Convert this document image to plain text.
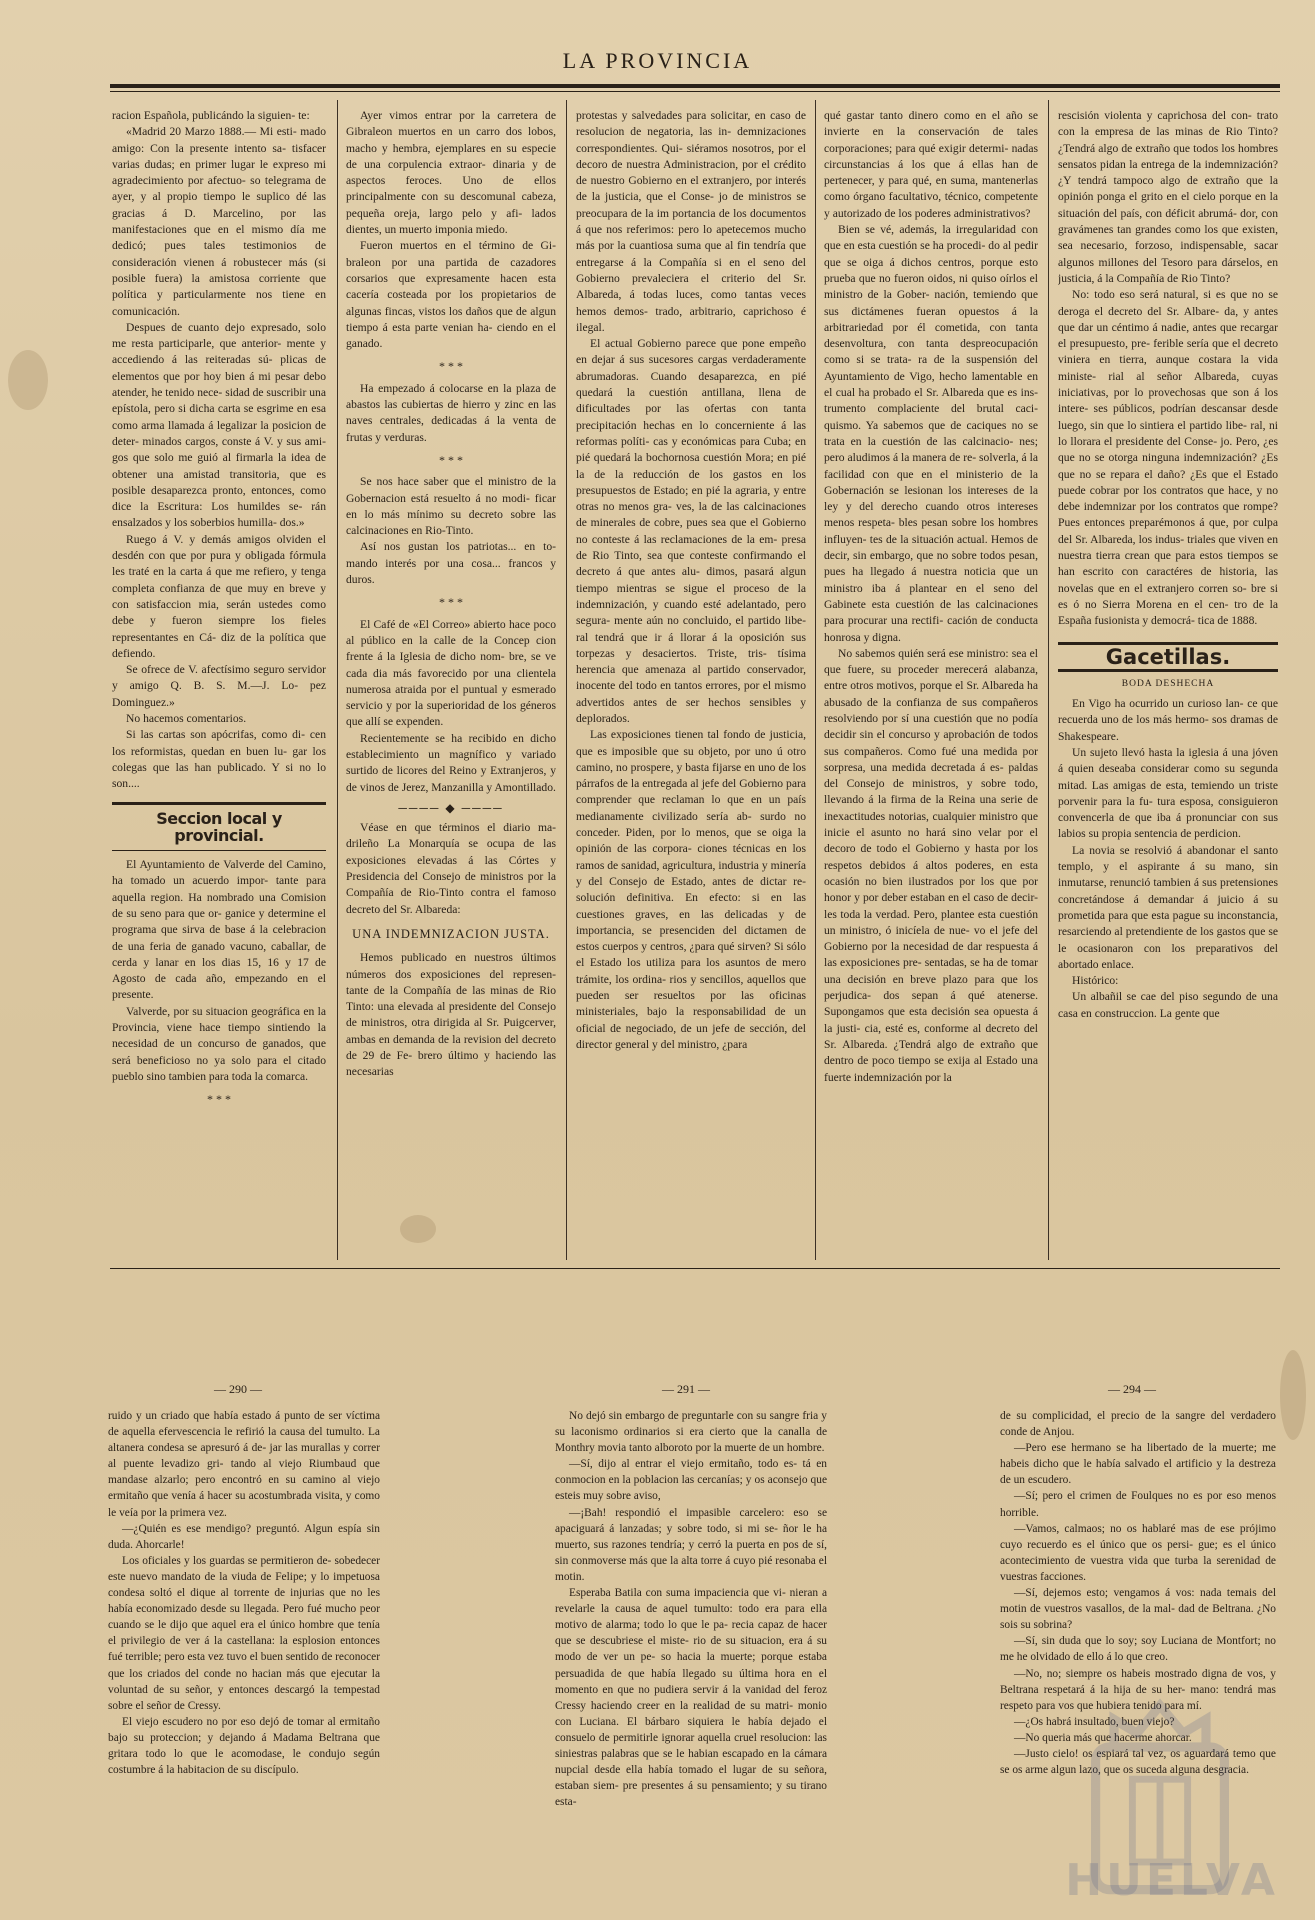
LA PROVINCIA

racion Española, publicándo la siguien- te:

«Madrid 20 Marzo 1888.— Mi esti- mado amigo: Con la presente intento sa- tisfacer varias dudas; en primer lugar le expreso mi agradecimiento por afectuo- so telegrama de ayer, y al propio tiempo le suplico dé las gracias á D. Marcelino, por las manifestaciones que en el mismo día me dedicó; pues tales testimonios de consideración vienen á robustecer más (si posible fuera) la amistosa corriente que política y particularmente nos tiene en comunicación.

Despues de cuanto dejo expresado, solo me resta participarle, que anterior- mente y accediendo á las reiteradas sú- plicas de elementos que por hoy bien á mi pesar debo atender, he tenido nece- sidad de suscribir una epístola, pero si dicha carta se esgrime en esa como arma llamada á legalizar la posicion de deter- minados cargos, conste á V. y sus ami- gos que solo me guió al firmarla la idea de obtener una amistad transitoria, que es posible desaparezca pronto, entonces, como dice la Escritura: Los humildes se- rán ensalzados y los soberbios humilla- dos.»

Ruego á V. y demás amigos olviden el desdén con que por pura y obligada fórmula les traté en la carta á que me refiero, y tenga completa confianza de que muy en breve y con satisfaccion mia, serán ustedes como debe y fueron siempre los fieles representantes en Cá- diz de la política que defiendo.

Se ofrece de V. afectísimo seguro servidor y amigo Q. B. S. M.—J. Lo- pez Dominguez.»

No hacemos comentarios.

Si las cartas son apócrifas, como di- cen los reformistas, quedan en buen lu- gar los colegas que las han publicado. Y si no lo son....

Seccion local y provincial.

El Ayuntamiento de Valverde del Camino, ha tomado un acuerdo impor- tante para aquella region. Ha nombrado una Comision de su seno para que or- ganice y determine el programa que sirva de base á la celebracion de una feria de ganado vacuno, caballar, de cerda y lanar en los dias 15, 16 y 17 de Agosto de cada año, empezando en el presente.

Valverde, por su situacion geográfica en la Provincia, viene hace tiempo sintiendo la necesidad de un concurso de ganados, que será beneficioso no ya solo para el citado pueblo sino tambien para toda la comarca.

* * *

Ayer vimos entrar por la carretera de Gibraleon muertos en un carro dos lobos, macho y hembra, ejemplares en su especie de una corpulencia extraor- dinaria y de aspectos feroces. Uno de ellos principalmente con su descomunal cabeza, pequeña oreja, largo pelo y afi- lados dientes, un muerto imponia miedo.

Fueron muertos en el término de Gi- braleon por una partida de cazadores corsarios que expresamente hacen esta cacería costeada por los propietarios de algunas fincas, vistos los daños que de algun tiempo á esta parte venian ha- ciendo en el ganado.

* * *

Ha empezado á colocarse en la plaza de abastos las cubiertas de hierro y zinc en las naves centrales, dedicadas á la venta de frutas y verduras.

* * *

Se nos hace saber que el ministro de la Gobernacion está resuelto á no modi- ficar en lo más mínimo su decreto sobre las calcinaciones en Rio-Tinto.

Así nos gustan los patriotas... en to- mando interés por una cosa... francos y duros.

* * *

El Café de «El Correo» abierto hace poco al público en la calle de la Concep cion frente á la Iglesia de dicho nom- bre, se ve cada dia más favorecido por una clientela numerosa atraida por el puntual y esmerado servicio y por la superioridad de los géneros que allí se expenden.

Recientemente se ha recibido en dicho establecimiento un magnífico y variado surtido de licores del Reino y Extranjeros, y de vinos de Jerez, Manzanilla y Amontillado.

──── ◆ ────

Véase en que términos el diario ma- drileño La Monarquía se ocupa de las exposiciones elevadas á las Córtes y Presidencia del Consejo de ministros por la Compañía de Rio-Tinto contra el famoso decreto del Sr. Albareda:

UNA INDEMNIZACION JUSTA.

Hemos publicado en nuestros últimos números dos exposiciones del represen- tante de la Compañía de las minas de Rio Tinto: una elevada al presidente del Consejo de ministros, otra dirigida al Sr. Puigcerver, ambas en demanda de la revision del decreto de 29 de Fe- brero último y haciendo las necesarias

protestas y salvedades para solicitar, en caso de resolucion de negatoria, las in- demnizaciones correspondientes. Qui- siéramos nosotros, por el decoro de nuestra Administracion, por el crédito de nuestro Gobierno en el extranjero, por interés de la justicia, que el Conse- jo de ministros se preocupara de la im portancia de los documentos á que nos referimos: pero lo apetecemos mucho más por la cuantiosa suma que al fin tendría que entregarse á la Compañía si en el seno del Gobierno prevaleciera el criterio del Sr. Albareda, á todas luces, como tantas veces hemos demos- trado, arbitrario, caprichoso é ilegal.

El actual Gobierno parece que pone empeño en dejar á sus sucesores cargas verdaderamente abrumadoras. Cuando desaparezca, en pié quedará la cuestión antillana, llena de dificultades por las ofertas con tanta precipitación hechas en lo concerniente á las reformas políti- cas y económicas para Cuba; en pié quedará la bochornosa cuestión Mora; en pié la de la reducción de los gastos en los presupuestos de Estado; en pié la agraria, y entre otras no menos gra- ves, la de las calcinaciones de minerales de cobre, pues sea que el Gobierno no conteste á las reclamaciones de la em- presa de Rio Tinto, sea que conteste confirmando el decreto á que antes alu- dimos, pasará algun tiempo mientras se sigue el proceso de la indemnización, y cuando esté adelantado, pero segura- mente aún no concluido, el partido libe- ral tendrá que ir á llorar á la oposición sus torpezas y desaciertos. Triste, tris- tísima herencia que amenaza al partido conservador, inocente del todo en tantos errores, por el mismo advertidos antes de ser hechos sensibles y deplorados.

Las exposiciones tienen tal fondo de justicia, que es imposible que su objeto, por uno ú otro camino, no prospere, y basta fijarse en uno de los párrafos de la entregada al jefe del Gobierno para comprender que reclaman lo que en un país medianamente civilizado sería ab- surdo no conceder. Piden, por lo menos, que se oiga la opinión de las corpora- ciones técnicas en los ramos de sanidad, agricultura, industria y minería y del Consejo de Estado, antes de dictar re- solución definitiva. En efecto: si en las cuestiones graves, en las delicadas y de importancia, se presenciden del dictamen de estos cuerpos y centros, ¿para qué sirven? Si sólo el Estado los utiliza para los asuntos de mero trámite, los ordina- rios y sencillos, aquellos que pueden ser resueltos por las oficinas ministeriales, bajo la responsabilidad de un oficial de negociado, de un jefe de sección, del director general y del ministro, ¿para

qué gastar tanto dinero como en el año se invierte en la conservación de tales corporaciones; para qué exigir determi- nadas circunstancias á los que á ellas han de pertenecer, y para qué, en suma, mantenerlas como órgano facultativo, técnico, competente y autorizado de los poderes administrativos?

Bien se vé, además, la irregularidad con que en esta cuestión se ha procedi- do al pedir que se oiga á dichos centros, porque esto prueba que no fueron oidos, ni quiso oírlos el ministro de la Gober- nación, temiendo que sus dictámenes fueran opuestos á la arbitrariedad por él cometida, con tanta desenvoltura, con tanta despreocupación como si se trata- ra de la suspensión del Ayuntamiento de Vigo, hecho lamentable en el cual ha probado el Sr. Albareda que es ins- trumento complaciente del brutal caci- quismo. Ya sabemos que de caciques no se trata en la cuestión de las calcinacio- nes; pero aludimos á la manera de re- solverla, á la facilidad con que en el ministerio de la Gobernación se lesionan los intereses de la ley y del derecho cuando otros intereses menos respeta- bles pesan sobre los hombres influyen- tes de la situación actual. Hemos de decir, sin embargo, que no sobre todos pesan, pues ha llegado á nuestra noticia que un ministro iba á plantear en el seno del Gabinete esta cuestión de las calcinaciones para procurar una rectifi- cación de conducta honrosa y digna.

No sabemos quién será ese ministro: sea el que fuere, su proceder merecerá alabanza, entre otros motivos, porque el Sr. Albareda ha abusado de la confianza de sus compañeros resolviendo por sí una cuestión que no podía decidir sin el concurso y aprobación de todos sus compañeros. Como fué una medida por sorpresa, una medida decretada á es- paldas del Consejo de ministros, y sobre todo, llevando á la firma de la Reina una serie de inexactitudes notorias, cualquier ministro que inicie el asunto no hará sino velar por el decoro de todo el Gobierno y hasta por los respetos debidos á altos poderes, en esta ocasión no bien ilustrados por los que por honor y por deber estaban en el caso de decir- les toda la verdad. Pero, plantee esta cuestión un ministro, ó inicíela de nue- vo el jefe del Gobierno por la necesidad de dar respuesta á las exposiciones pre- sentadas, se ha de tomar una decisión en breve plazo para que los perjudica- dos sepan á qué atenerse. Supongamos que esta decisión sea opuesta á la justi- cia, esté es, conforme al decreto del Sr. Albareda. ¿Tendrá algo de extraño que dentro de poco tiempo se exija al Estado una fuerte indemnización por la

rescisión violenta y caprichosa del con- trato con la empresa de las minas de Rio Tinto? ¿Tendrá algo de extraño que todos los hombres sensatos pidan la entrega de la indemnización? ¿Y tendrá tampoco algo de extraño que la opinión ponga el grito en el cielo porque en la situación del país, con déficit abrumá- dor, con gravámenes tan grandes como los que existen, sea necesario, forzoso, indispensable, sacar algunos millones del Tesoro para dárselos, en justicia, á la Compañía de Rio Tinto?

No: todo eso será natural, si es que no se deroga el decreto del Sr. Albare- da, y antes que dar un céntimo á nadie, antes que recargar el presupuesto, pre- ferible sería que el decreto viniera en tierra, aunque costara la vida ministe- rial al señor Albareda, cuyas iniciativas, por lo provechosas que son á los intere- ses públicos, podrían descansar desde luego, sin que lo sintiera el partido libe- ral, ni lo llorara el presidente del Conse- jo. Pero, ¿es que no se otorga ninguna indemnización? ¿Es que no se repara el daño? ¿Es que el Estado puede cobrar por los contratos que hace, y no debe indemnizar por los contratos que rompe? Pues entonces preparémonos á que, por culpa del Sr. Albareda, los indus- triales que viven en nuestra tierra crean que para estos tiempos se han escrito con caractéres de historia, las novelas que en el extranjero corren so- bre si es ó no Sierra Morena en el cen- tro de la España fusionista y democrá- tica de 1888.

Gacetillas.
BODA DESHECHA

En Vigo ha ocurrido un curioso lan- ce que recuerda uno de los más hermo- sos dramas de Shakespeare.

Un sujeto llevó hasta la iglesia á una jóven á quien deseaba considerar como su segunda mitad. Las amigas de esta, temiendo un triste porvenir para la fu- tura esposa, consiguieron convencerla de que iba á pronunciar con sus labios su propia sentencia de perdicion.

La novia se resolvió á abandonar el santo templo, y el aspirante á su mano, sin inmutarse, renunció tambien á sus pretensiones concretándose á demandar á juicio á su prometida para que esta pague su inconstancia, resarciendo al pretendiente de los gastos que se le ocasionaron con los preparativos del abortado enlace.

Histórico:

Un albañil se cae del piso segundo de una casa en construccion. La gente que

— 290 —	— 291 —	— 294 —

ruido y un criado que había estado á punto de ser víctima de aquella efervescencia le refirió la causa del tumulto. La altanera condesa se apresuró á de- jar las murallas y correr al puente levadizo gri- tando al viejo Riumbaud que mandase alzarlo; pero encontró en su camino al viejo ermitaño que venía á hacer su acostumbrada visita, y como le veía por la primera vez.

—¿Quién es ese mendigo? preguntó. Algun espía sin duda. Ahorcarle!

Los oficiales y los guardas se permitieron de- sobedecer este nuevo mandato de la viuda de Felipe; y lo impetuosa condesa soltó el dique al torrente de injurias que no les había economizado desde su llegada. Pero fué mucho peor cuando se le dijo que aquel era el único hombre que tenía el privilegio de ver á la castellana: la esplosion entonces fué terrible; pero esta vez tuvo el buen sentido de reconocer que los criados del conde no hacian más que ejecutar la voluntad de su señor, y entonces descargó la tempestad sobre el señor de Cressy.

El viejo escudero no por eso dejó de tomar al ermitaño bajo su proteccion; y dejando á Madama Beltrana que gritara todo lo que le acomodase, le condujo según costumbre á la habitacion de su discípulo.

No dejó sin embargo de preguntarle con su sangre fria y su laconismo ordinarios si era cierto que la canalla de Monthry movia tanto alboroto por la muerte de un hombre.

—Sí, dijo al entrar el viejo ermitaño, todo es- tá en conmocion en la poblacion las cercanías; y os aconsejo que esteis muy sobre aviso,

—¡Bah! respondió el impasible carcelero: eso se apaciguará á lanzadas; y sobre todo, si mi se- ñor le ha muerto, sus razones tendría; y cerró la puerta en pos de sí, sin conmoverse más que la alta torre á cuyo pié resonaba el motin.

Esperaba Batila con suma impaciencia que vi- nieran a revelarle la causa de aquel tumulto: todo era para ella motivo de alarma; todo lo que le pa- recia capaz de hacer que se descubriese el miste- rio de su situacion, era á su modo de ver un pe- so hacia la muerte; porque estaba persuadida de que había llegado su última hora en el momento en que no pudiera servir á la vanidad del feroz Cressy haciendo creer en la realidad de su matri- monio con Luciana. El bárbaro siquiera le había dejado el consuelo de permitirle ignorar aquella cruel resolucion: las siniestras palabras que se le habian escapado en la cámara nupcial desde ella había tomado el lugar de su señora, estaban siem- pre presentes á su pensamiento; y su tirano esta-

de su complicidad, el precio de la sangre del verdadero conde de Anjou.

—Pero ese hermano se ha libertado de la muerte; me habeis dicho que le había salvado el artificio y la destreza de un escudero.

—Sí; pero el crimen de Foulques no es por eso menos horrible.

—Vamos, calmaos; no os hablaré mas de ese prójimo cuyo recuerdo es el único que os persi- gue; es el único acontecimiento de vuestra vida que turba la serenidad de vuestras facciones.

—Sí, dejemos esto; vengamos á vos: nada temais del motin de vuestros vasallos, de la mal- dad de Beltrana. ¿No sois su sobrina?

—Sí, sin duda que lo soy; soy Luciana de Montfort; no me he olvidado de ello á lo que creo.

—No, no; siempre os habeis mostrado digna de vos, y Beltrana respetará á la hija de su her- mano: tendrá mas respeto para vos que hubiera tenido para mí.

—¿Os habrá insultado, buen viejo?

—No queria más que hacerme ahorcar.

—Justo cielo! os espiará tal vez, os aguardará temo que se os arme algun lazo, que os suceda alguna desgracia.

HUELVA
